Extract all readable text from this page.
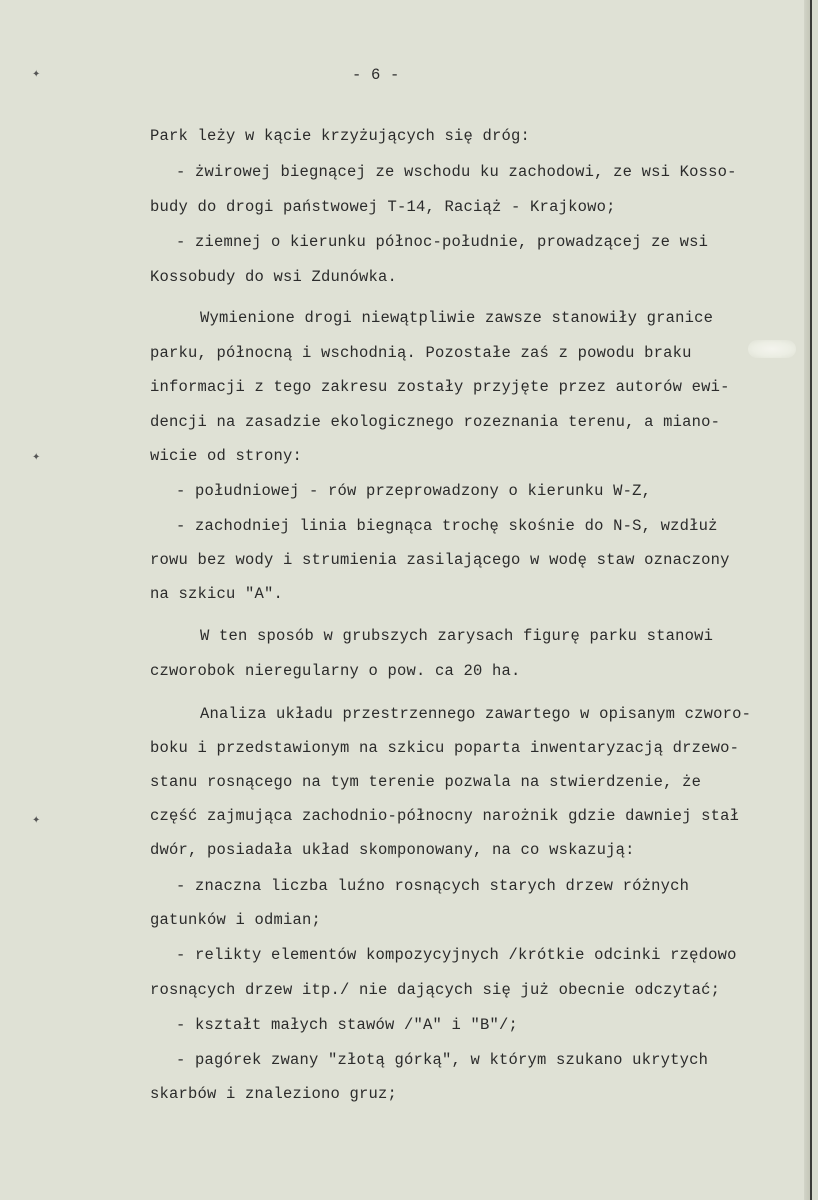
✦
✦
✦
- 6 -
Park leży w kącie krzyżujących się dróg:
- żwirowej biegnącej ze wschodu ku zachodowi, ze wsi Kosso-
budy do drogi państwowej T-14, Raciąż - Krajkowo;
- ziemnej o kierunku północ-południe, prowadzącej ze wsi
Kossobudy do wsi Zdunówka.
Wymienione drogi niewątpliwie zawsze stanowiły granice
parku, północną i wschodnią. Pozostałe zaś z powodu braku
informacji z tego zakresu zostały przyjęte przez autorów ewi-
dencji na zasadzie ekologicznego rozeznania terenu, a miano-
wicie od strony:
- południowej - rów przeprowadzony o kierunku W-Z,
- zachodniej linia biegnąca trochę skośnie do N-S, wzdłuż
rowu bez wody i strumienia zasilającego w wodę staw oznaczony
na szkicu "A".
W ten sposób w grubszych zarysach figurę parku stanowi
czworobok nieregularny o pow. ca 20 ha.
Analiza układu przestrzennego zawartego w opisanym czworo-
boku i przedstawionym na szkicu poparta inwentaryzacją drzewo-
stanu rosnącego na tym terenie pozwala na stwierdzenie, że
część zajmująca zachodnio-północny narożnik gdzie dawniej stał
dwór, posiadała układ skomponowany, na co wskazują:
- znaczna liczba luźno rosnących starych drzew różnych
gatunków i odmian;
- relikty elementów kompozycyjnych /krótkie odcinki rzędowo
rosnących drzew itp./ nie dających się już obecnie odczytać;
- kształt małych stawów /"A" i "B"/;
- pagórek zwany "złotą górką", w którym szukano ukrytych
skarbów i znaleziono gruz;
